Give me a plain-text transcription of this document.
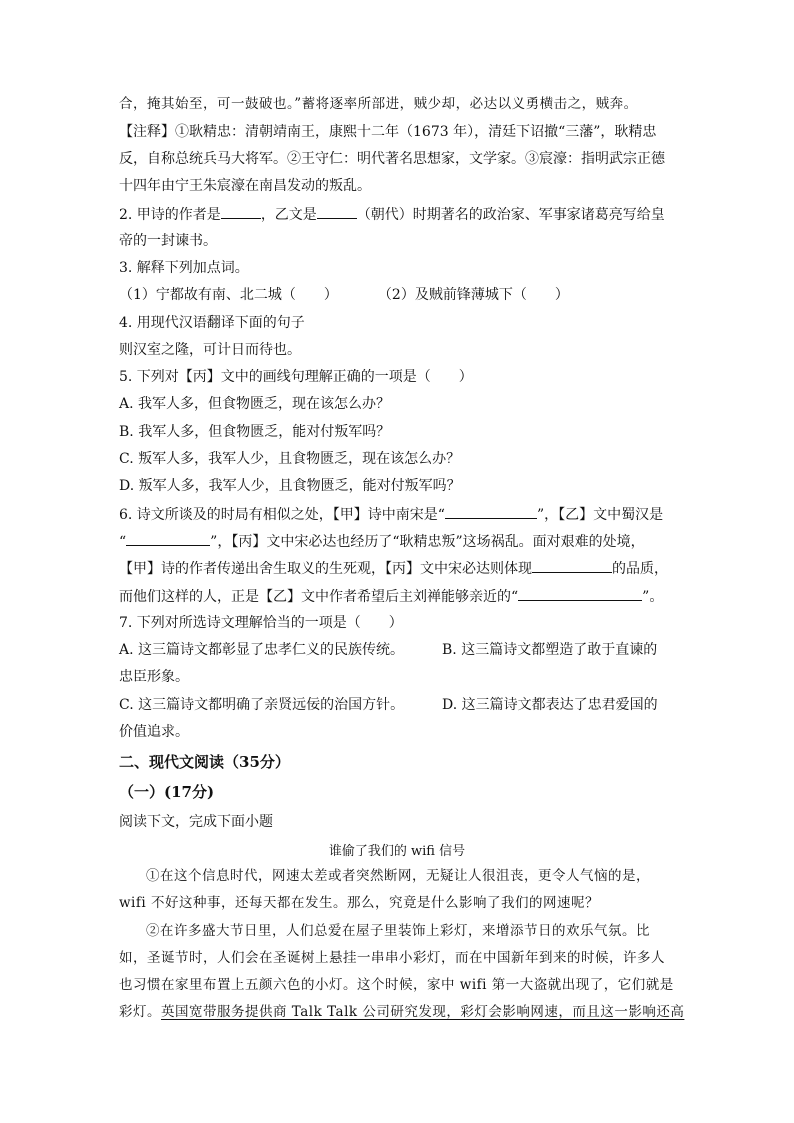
合，掩其始至，可一鼓破也。”蓄将逐率所部进，贼少却，必达以义勇横击之，贼奔。
【注释】①耿精忠：清朝靖南王，康熙十二年（1673 年），清廷下诏撤“三藩”，耿精忠
反，自称总统兵马大将军。②王守仁：明代著名思想家，文学家。③宸濠：指明武宗正德
十四年由宁王朱宸濠在南昌发动的叛乱。
2. 甲诗的作者是	，乙文是	（朝代）时期著名的政治家、军事家诸葛亮写给皇
帝的一封谏书。
3. 解释下列加点词。
（1）宁都故有南、北二城（　　）	（2）及贼前锋薄城下（　　）
4. 用现代汉语翻译下面的句子
则汉室之隆，可计日而待也。
5. 下列对【丙】文中的画线句理解正确的一项是（　　）
A. 我军人多，但食物匮乏，现在该怎么办？
B. 我军人多，但食物匮乏，能对付叛军吗？
C. 叛军人多，我军人少，且食物匮乏，现在该怎么办？
D. 叛军人多，我军人少，且食物匮乏，能对付叛军吗？
6. 诗文所谈及的时局有相似之处，【甲】诗中南宋是“	”，【乙】文中蜀汉是
“	”，【丙】文中宋必达也经历了“耿精忠叛”这场祸乱。面对艰难的处境，
【甲】诗的作者传递出舍生取义的生死观，【丙】文中宋必达则体现	的品质，
而他们这样的人，正是【乙】文中作者希望后主刘禅能够亲近的“	”。
7. 下列对所选诗文理解恰当的一项是（　　）
A. 这三篇诗文都彰显了忠孝仁义的民族传统。	B. 这三篇诗文都塑造了敢于直谏的
忠臣形象。
C. 这三篇诗文都明确了亲贤远佞的治国方针。	D. 这三篇诗文都表达了忠君爱国的
价值追求。
二、现代文阅读（35分）
（一）(17分)
阅读下文，完成下面小题
谁偷了我们的 wifi 信号
①在这个信息时代，网速太差或者突然断网，无疑让人很沮丧，更令人气恼的是，
wifi 不好这种事，还每天都在发生。那么，究竟是什么影响了我们的网速呢？
②在许多盛大节日里，人们总爱在屋子里装饰上彩灯，来增添节日的欢乐气氛。比
如，圣诞节时，人们会在圣诞树上悬挂一串串小彩灯，而在中国新年到来的时候，许多人
也习惯在家里布置上五颜六色的小灯。这个时候，家中 wifi 第一大盗就出现了，它们就是
彩灯。英国宽带服务提供商 Talk Talk 公司研究发现，彩灯会影响网速，而且这一影响还高
